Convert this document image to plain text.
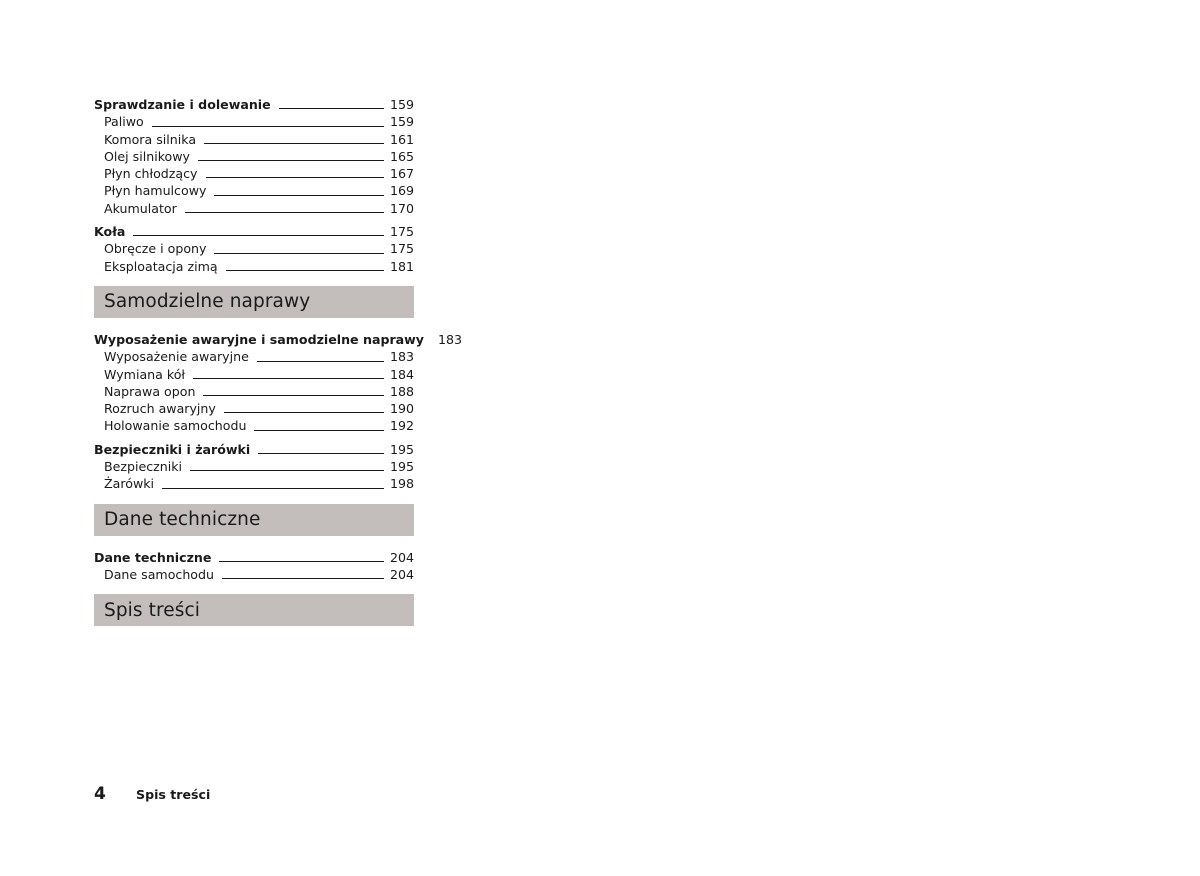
Sprawdzanie i dolewanie	159
Paliwo	159
Komora silnika	161
Olej silnikowy	165
Płyn chłodzący	167
Płyn hamulcowy	169
Akumulator	170
Koła	175
Obręcze i opony	175
Eksploatacja zimą	181
Samodzielne naprawy
Wyposażenie awaryjne i samodzielne naprawy	183
Wyposażenie awaryjne	183
Wymiana kół	184
Naprawa opon	188
Rozruch awaryjny	190
Holowanie samochodu	192
Bezpieczniki i żarówki	195
Bezpieczniki	195
Żarówki	198
Dane techniczne
Dane techniczne	204
Dane samochodu	204
Spis treści
4	Spis treści
